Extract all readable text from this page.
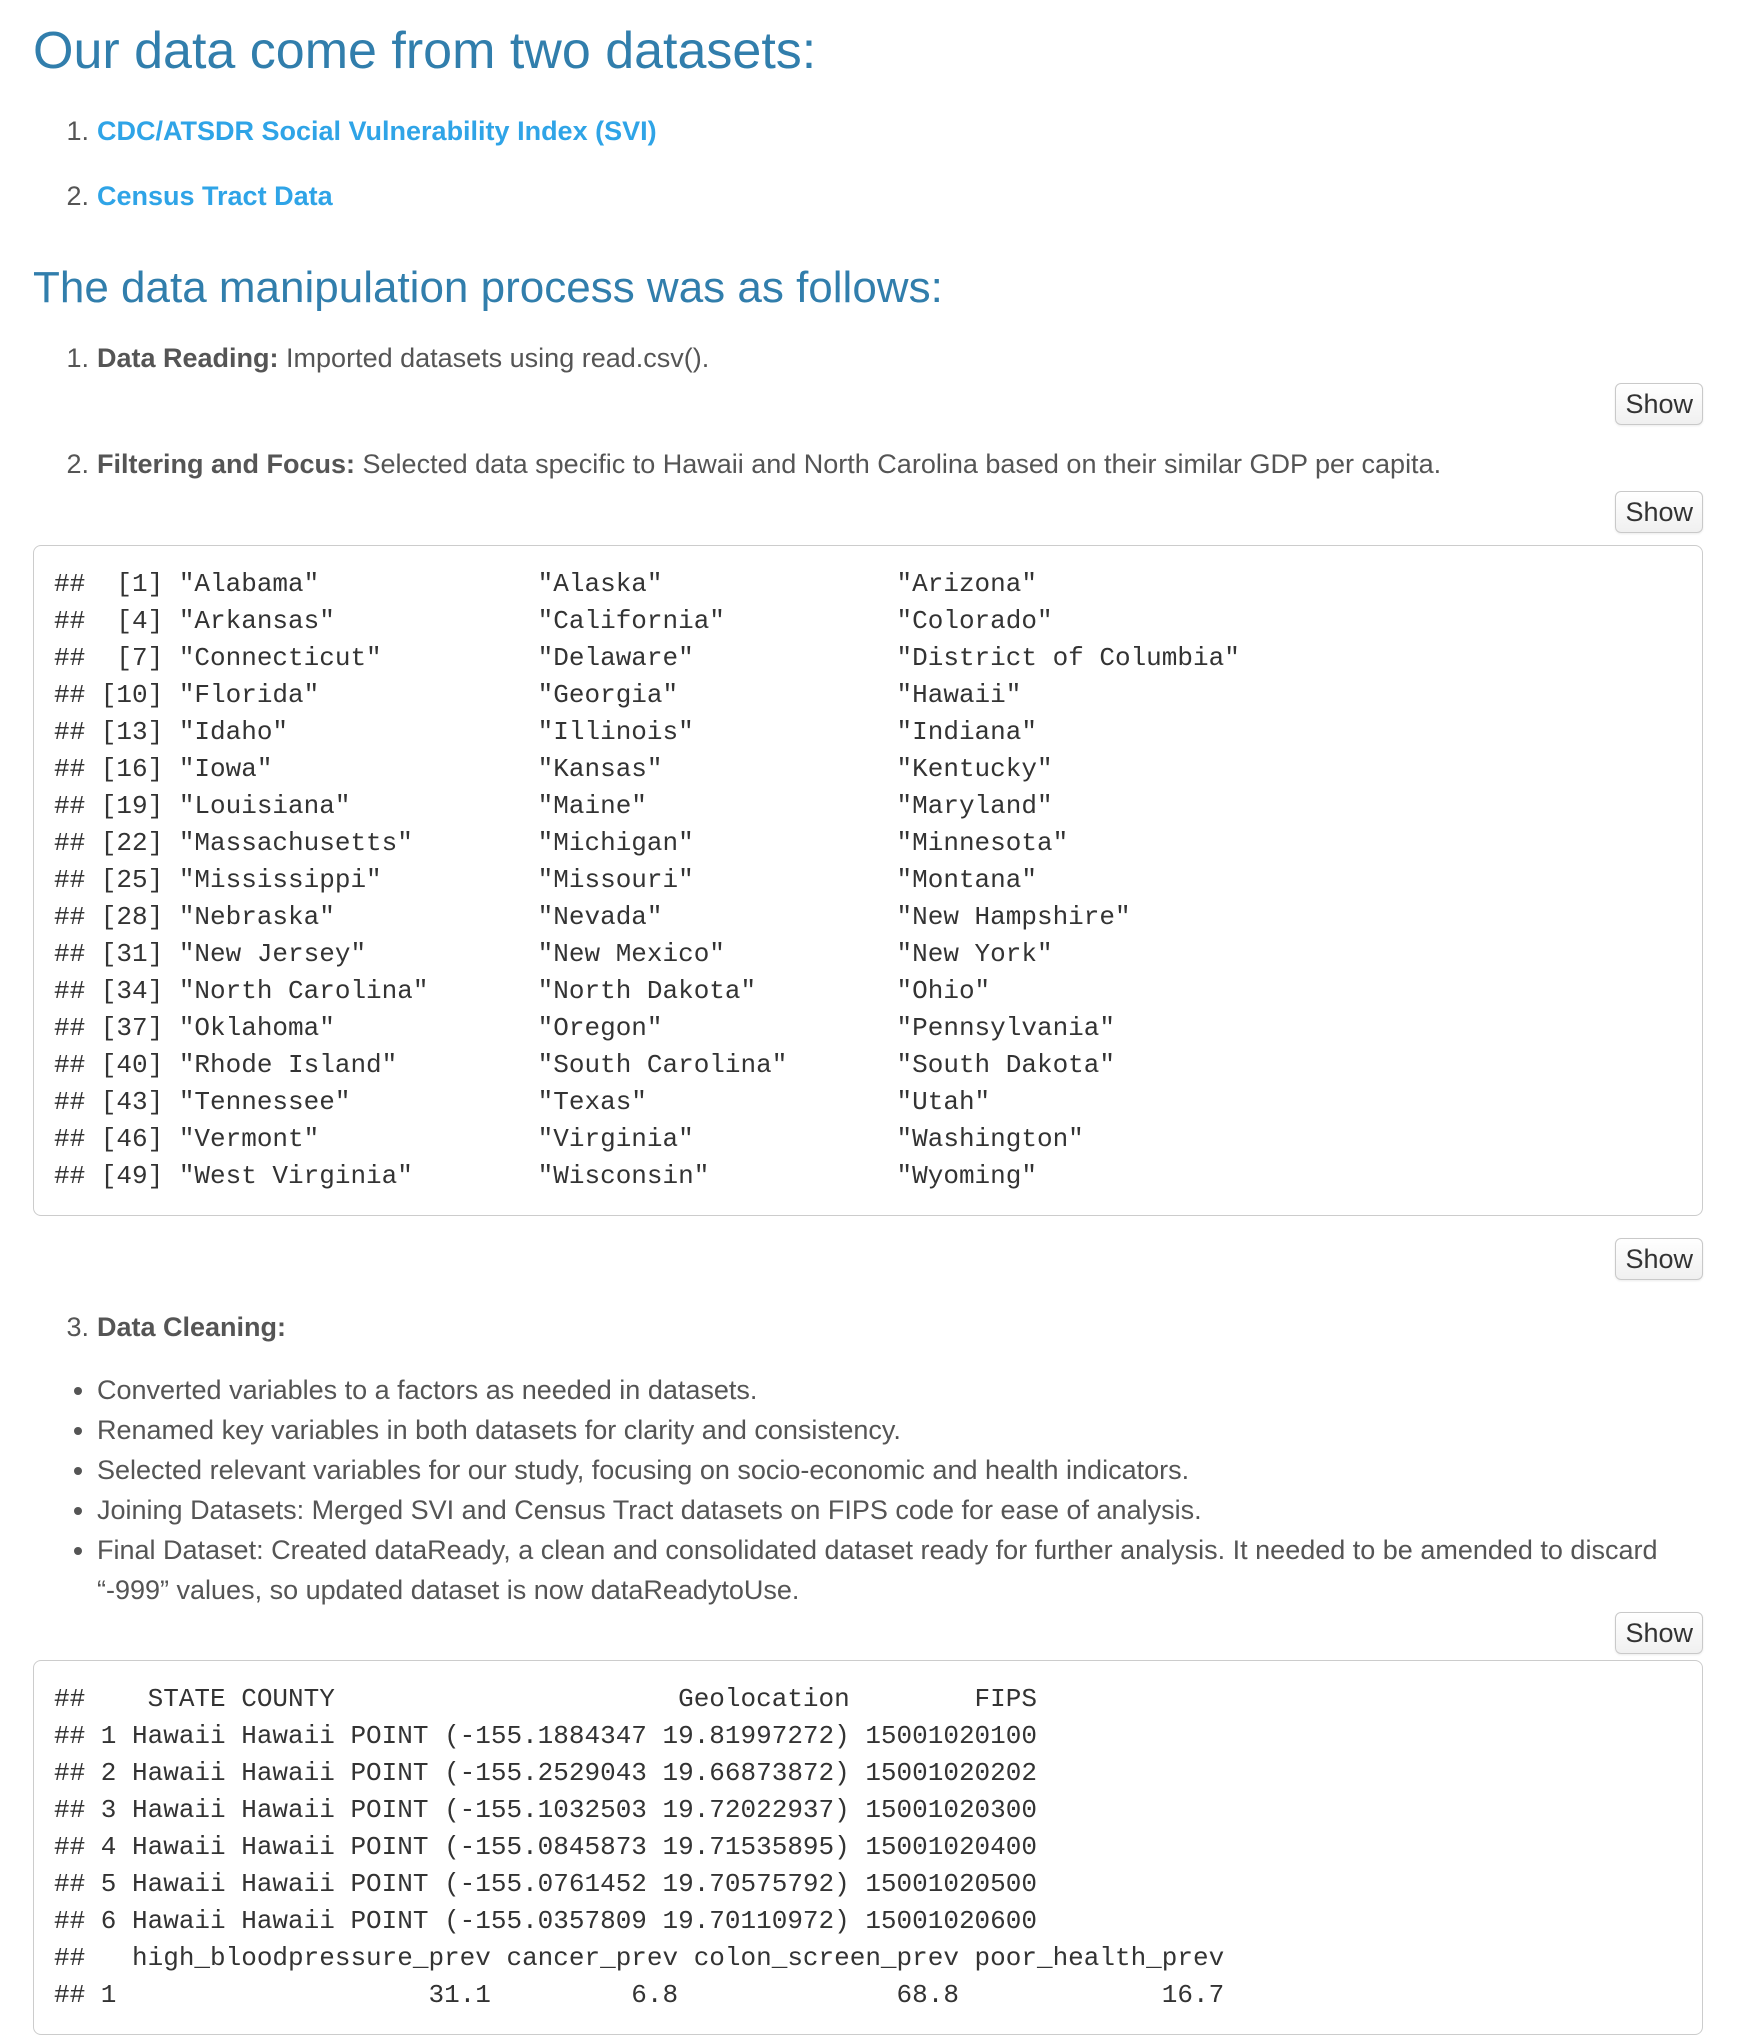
Our data come from two datasets:
1. CDC/ATSDR Social Vulnerability Index (SVI)
2. Census Tract Data
The data manipulation process was as follows:
1. Data Reading: Imported datasets using read.csv().
Show
2. Filtering and Focus: Selected data specific to Hawaii and North Carolina based on their similar GDP per capita.
Show
##  [1] "Alabama"              "Alaska"               "Arizona"
##  [4] "Arkansas"             "California"           "Colorado"
##  [7] "Connecticut"          "Delaware"             "District of Columbia"
## [10] "Florida"              "Georgia"              "Hawaii"
## [13] "Idaho"                "Illinois"             "Indiana"
## [16] "Iowa"                 "Kansas"               "Kentucky"
## [19] "Louisiana"            "Maine"                "Maryland"
## [22] "Massachusetts"        "Michigan"             "Minnesota"
## [25] "Mississippi"          "Missouri"             "Montana"
## [28] "Nebraska"             "Nevada"               "New Hampshire"
## [31] "New Jersey"           "New Mexico"           "New York"
## [34] "North Carolina"       "North Dakota"         "Ohio"
## [37] "Oklahoma"             "Oregon"               "Pennsylvania"
## [40] "Rhode Island"         "South Carolina"       "South Dakota"
## [43] "Tennessee"            "Texas"                "Utah"
## [46] "Vermont"              "Virginia"             "Washington"
## [49] "West Virginia"        "Wisconsin"            "Wyoming"
Show
3. Data Cleaning:
• Converted variables to a factors as needed in datasets.
• Renamed key variables in both datasets for clarity and consistency.
• Selected relevant variables for our study, focusing on socio-economic and health indicators.
• Joining Datasets: Merged SVI and Census Tract datasets on FIPS code for ease of analysis.
• Final Dataset: Created dataReady, a clean and consolidated dataset ready for further analysis. It needed to be amended to discard “-999” values, so updated dataset is now dataReadytoUse.
Show
##    STATE COUNTY                      Geolocation        FIPS
## 1 Hawaii Hawaii POINT (-155.1884347 19.81997272) 15001020100
## 2 Hawaii Hawaii POINT (-155.2529043 19.66873872) 15001020202
## 3 Hawaii Hawaii POINT (-155.1032503 19.72022937) 15001020300
## 4 Hawaii Hawaii POINT (-155.0845873 19.71535895) 15001020400
## 5 Hawaii Hawaii POINT (-155.0761452 19.70575792) 15001020500
## 6 Hawaii Hawaii POINT (-155.0357809 19.70110972) 15001020600
##   high_bloodpressure_prev cancer_prev colon_screen_prev poor_health_prev
## 1                    31.1         6.8              68.8             16.7
